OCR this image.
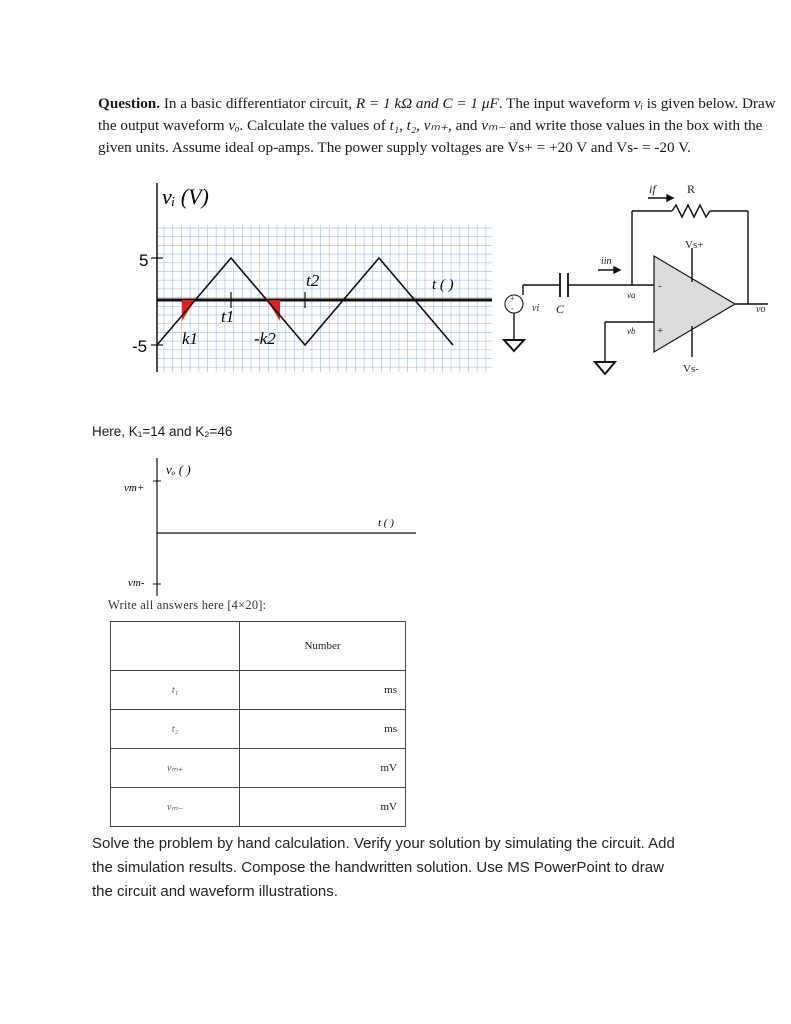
Question. In a basic differentiator circuit, R = 1 kΩ and C = 1 μF. The input waveform vᵢ is given below. Draw the output waveform vₒ. Calculate the values of t₁, t₂, vₘ₊, and vₘ₋ and write those values in the box with the given units. Assume ideal op-amps. The power supply voltages are Vs+ = +20 V and Vs- = -20 V.
vᵢ (V)
5
-5
t1
t2
k1	-k2
t ( )
if	R
Vs+
Vs-
iin
va
vb
vi C	vo
+
-
-
+
vₒ ( )
vm+
vm-
t ( )
Here, K₁=14 and K₂=46
Write all answers here [4×20]:
	Number
t₁	ms
t₂	ms
vₘ₊	mV
vₘ₋	mV
Solve the problem by hand calculation. Verify your solution by simulating the circuit. Add the simulation results. Compose the handwritten solution. Use MS PowerPoint to draw the circuit and waveform illustrations.
